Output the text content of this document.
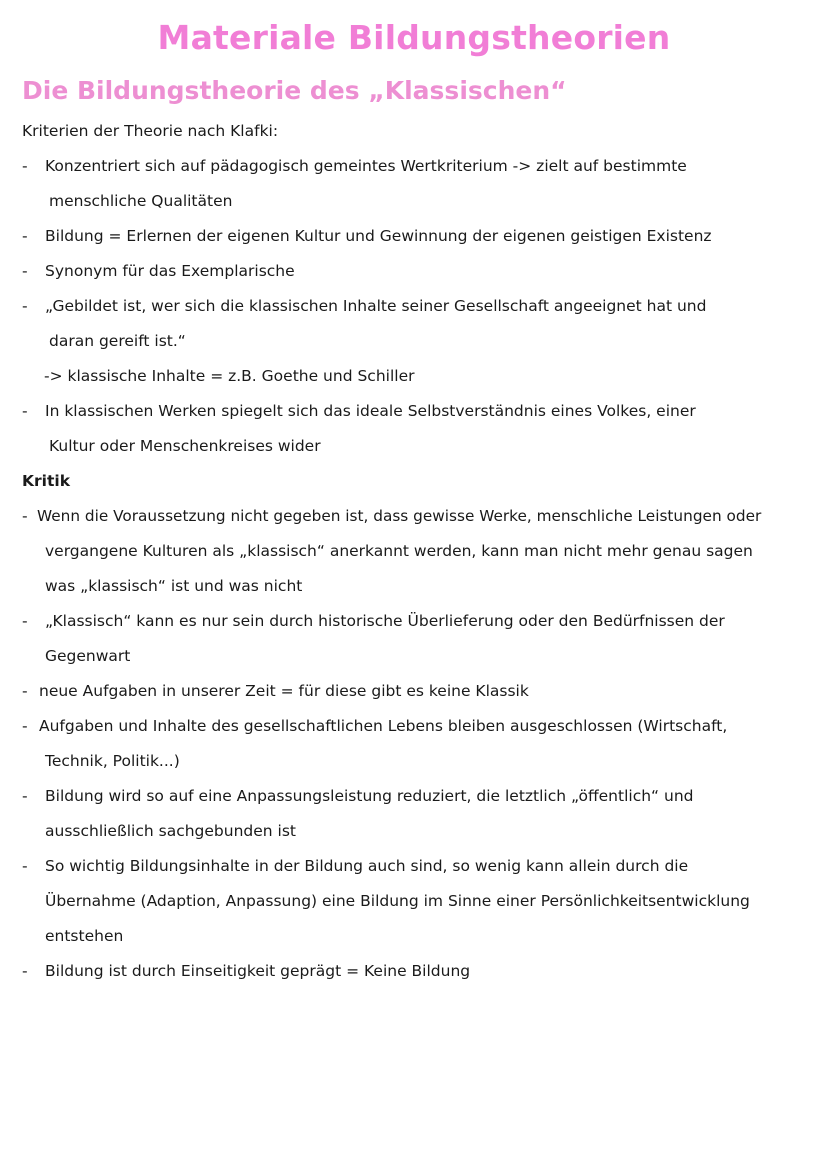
Materiale Bildungstheorien
Die Bildungstheorie des „Klassischen“
Kriterien der Theorie nach Klafki:
- Konzentriert sich auf pädagogisch gemeintes Wertkriterium -> zielt auf bestimmte
menschliche Qualitäten
- Bildung = Erlernen der eigenen Kultur und Gewinnung der eigenen geistigen Existenz
- Synonym für das Exemplarische
- „Gebildet ist, wer sich die klassischen Inhalte seiner Gesellschaft angeeignet hat und
daran gereift ist.“
-> klassische Inhalte = z.B. Goethe und Schiller
- In klassischen Werken spiegelt sich das ideale Selbstverständnis eines Volkes, einer
Kultur oder Menschenkreises wider
Kritik
- Wenn die Voraussetzung nicht gegeben ist, dass gewisse Werke, menschliche Leistungen oder
vergangene Kulturen als „klassisch“ anerkannt werden, kann man nicht mehr genau sagen
was „klassisch“ ist und was nicht
- „Klassisch“ kann es nur sein durch historische Überlieferung oder den Bedürfnissen der
Gegenwart
- neue Aufgaben in unserer Zeit = für diese gibt es keine Klassik
- Aufgaben und Inhalte des gesellschaftlichen Lebens bleiben ausgeschlossen (Wirtschaft,
Technik, Politik...)
- Bildung wird so auf eine Anpassungsleistung reduziert, die letztlich „öffentlich“ und
ausschließlich sachgebunden ist
- So wichtig Bildungsinhalte in der Bildung auch sind, so wenig kann allein durch die
Übernahme (Adaption, Anpassung) eine Bildung im Sinne einer Persönlichkeitsentwicklung
entstehen
- Bildung ist durch Einseitigkeit geprägt = Keine Bildung
